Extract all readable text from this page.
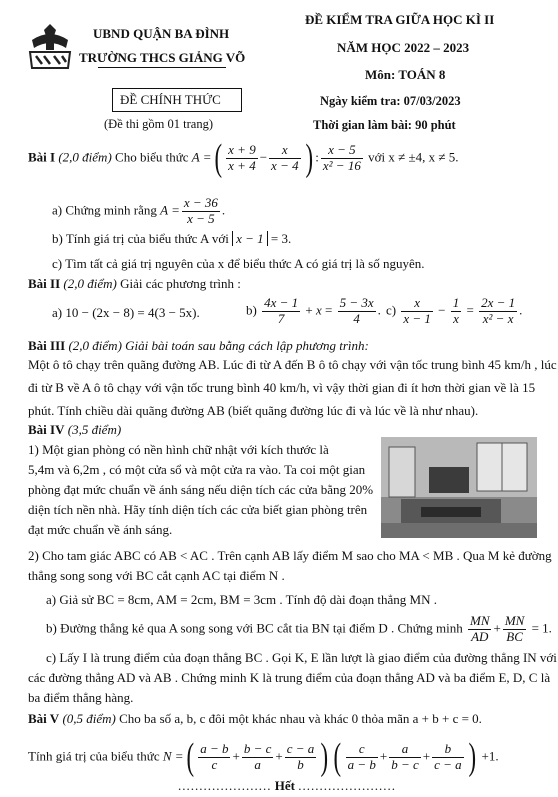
UBND QUẬN BA ĐÌNH
TRƯỜNG THCS GIẢNG VÕ
ĐỀ KIỂM TRA GIỮA HỌC KÌ II
NĂM HỌC 2022 – 2023
Môn: TOÁN 8
ĐỀ CHÍNH THỨC	Ngày kiểm tra: 07/03/2023
(Đề thi gồm 01 trang)	Thời gian làm bài: 90 phút
Bài I (2,0 điểm) Cho biểu thức A =( $\frac{x + 9}{x + 4} - \frac{x}{x - 4}$ ) : $\frac{x - 5}{\text{x² − 16}}$ với x ≠ ±4, x ≠ 5.
a) Chứng minh rằng $A = \frac{x - 36}{x - 5}$ .
b) Tính giá trị của biểu thức A với x − 1 = 3.
c) Tìm tất cả giá trị nguyên của x để biểu thức A có giá trị là số nguyên.
Bài II (2,0 điểm) Giải các phương trình :
a) 10 − (2x − 8) = 4(3 − 5x).	$b) \frac{4x - 1}{7} + x = \frac{5 - 3x}{4}$ . $c) \frac{x}{x - 1} - \frac{1}{x} = \frac{2x - 1}{\text{x² − x}}$ .
Bài III (2,0 điểm) Giải bài toán sau bằng cách lập phương trình:
Một ô tô chạy trên quãng đường AB. Lúc đi từ A đến B ô tô chạy với vận tốc trung bình 45 km/h , lúc
đi từ B về A ô tô chạy với vận tốc trung bình 40 km/h, vì vậy thời gian đi ít hơn thời gian về là 15
phút. Tính chiều dài quãng đường AB (biết quãng đường lúc đi và lúc về là như nhau).
Bài IV (3,5 điểm)
1) Một gian phòng có nền hình chữ nhật với kích thước là
5,4m và 6,2m , có một cửa sổ và một cửa ra vào. Ta coi một gian
phòng đạt mức chuẩn về ánh sáng nếu diện tích các cửa bằng 20%
diện tích nền nhà. Hãy tính diện tích các cửa biết gian phòng trên
đạt mức chuẩn về ánh sáng.
2) Cho tam giác ABC có AB < AC . Trên cạnh AB lấy điểm M sao cho MA < MB . Qua M kẻ đường
thẳng song song với BC cắt cạnh AC tại điểm N .
a) Giả sử BC = 8cm, AM = 2cm, BM = 3cm . Tính độ dài đoạn thẳng MN .
b) Đường thẳng kẻ qua A song song với BC cắt tia BN tại điểm D . Chứng minh $\frac{MN}{AD} + \frac{MN}{BC} = 1$.
c) Lấy I là trung điểm của đoạn thẳng BC . Gọi K, E lần lượt là giao điểm của đường thẳng IN với
các đường thẳng AD và AB . Chứng minh K là trung điểm của đoạn thẳng AD và ba điểm E, D, C là
ba điểm thẳng hàng.
Bài V (0,5 điểm) Cho ba số a, b, c đôi một khác nhau và khác 0 thỏa mãn a + b + c = 0.
Tính giá trị của biểu thức N =( $\frac{a - b}{c} + \frac{b - c}{a} + \frac{c - a}{b}$ ) ( $\frac{c}{a - b} + \frac{a}{b - c} + \frac{b}{c - a}$ ) +1.
...................... Hết .......................
